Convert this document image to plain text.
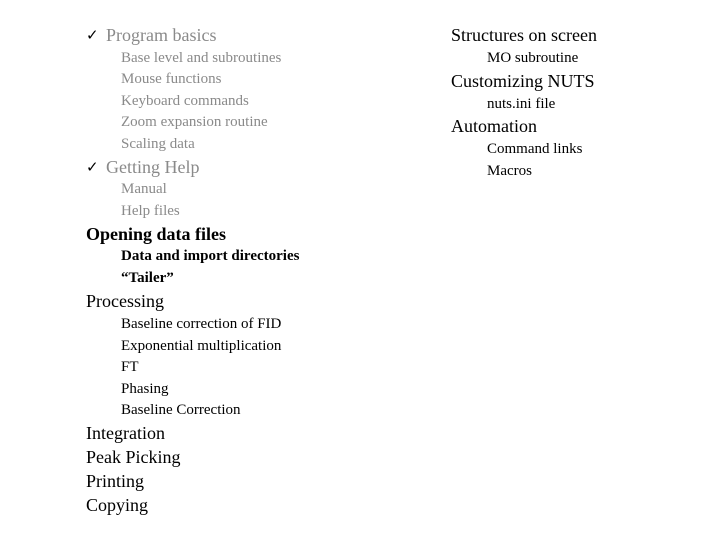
✓ Program basics
Base level and subroutines
Mouse functions
Keyboard commands
Zoom expansion routine
Scaling data
✓ Getting Help
Manual
Help files
Opening data files
Data and import directories
“Tailer”
Processing
Baseline correction of FID
Exponential multiplication
FT
Phasing
Baseline Correction
Integration
Peak Picking
Printing
Copying
Structures on screen
MO subroutine
Customizing NUTS
nuts.ini file
Automation
Command links
Macros
